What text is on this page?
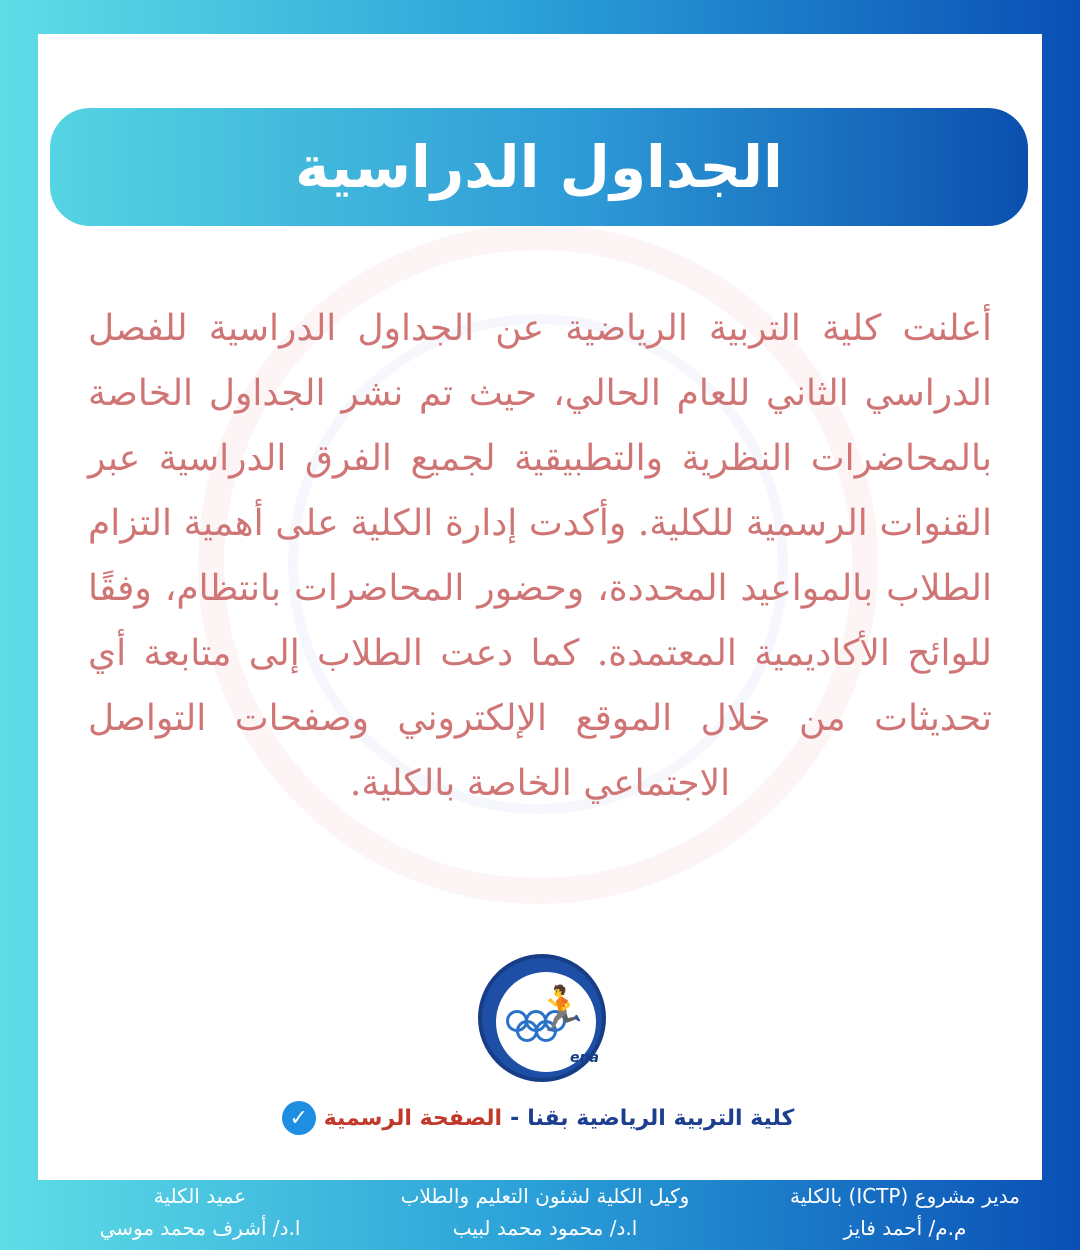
الجداول الدراسية
أعلنت كلية التربية الرياضية عن الجداول الدراسية للفصل الدراسي الثاني للعام الحالي، حيث تم نشر الجداول الخاصة بالمحاضرات النظرية والتطبيقية لجميع الفرق الدراسية عبر القنوات الرسمية للكلية. وأكدت إدارة الكلية على أهمية التزام الطلاب بالمواعيد المحددة، وحضور المحاضرات بانتظام، وفقًا للوائح الأكاديمية المعتمدة. كما دعت الطلاب إلى متابعة أي تحديثات من خلال الموقع الإلكتروني وصفحات التواصل الاجتماعي الخاصة بالكلية.
🏃
ena
كلية التربية الرياضية بقنا
-
الصفحة الرسمية
✓
عميد الكلية
ا.د/ أشرف محمد موسي
وكيل الكلية لشئون التعليم والطلاب
ا.د/ محمود محمد لبيب
مدير مشروع (ICTP) بالكلية
م.م/ أحمد فايز
